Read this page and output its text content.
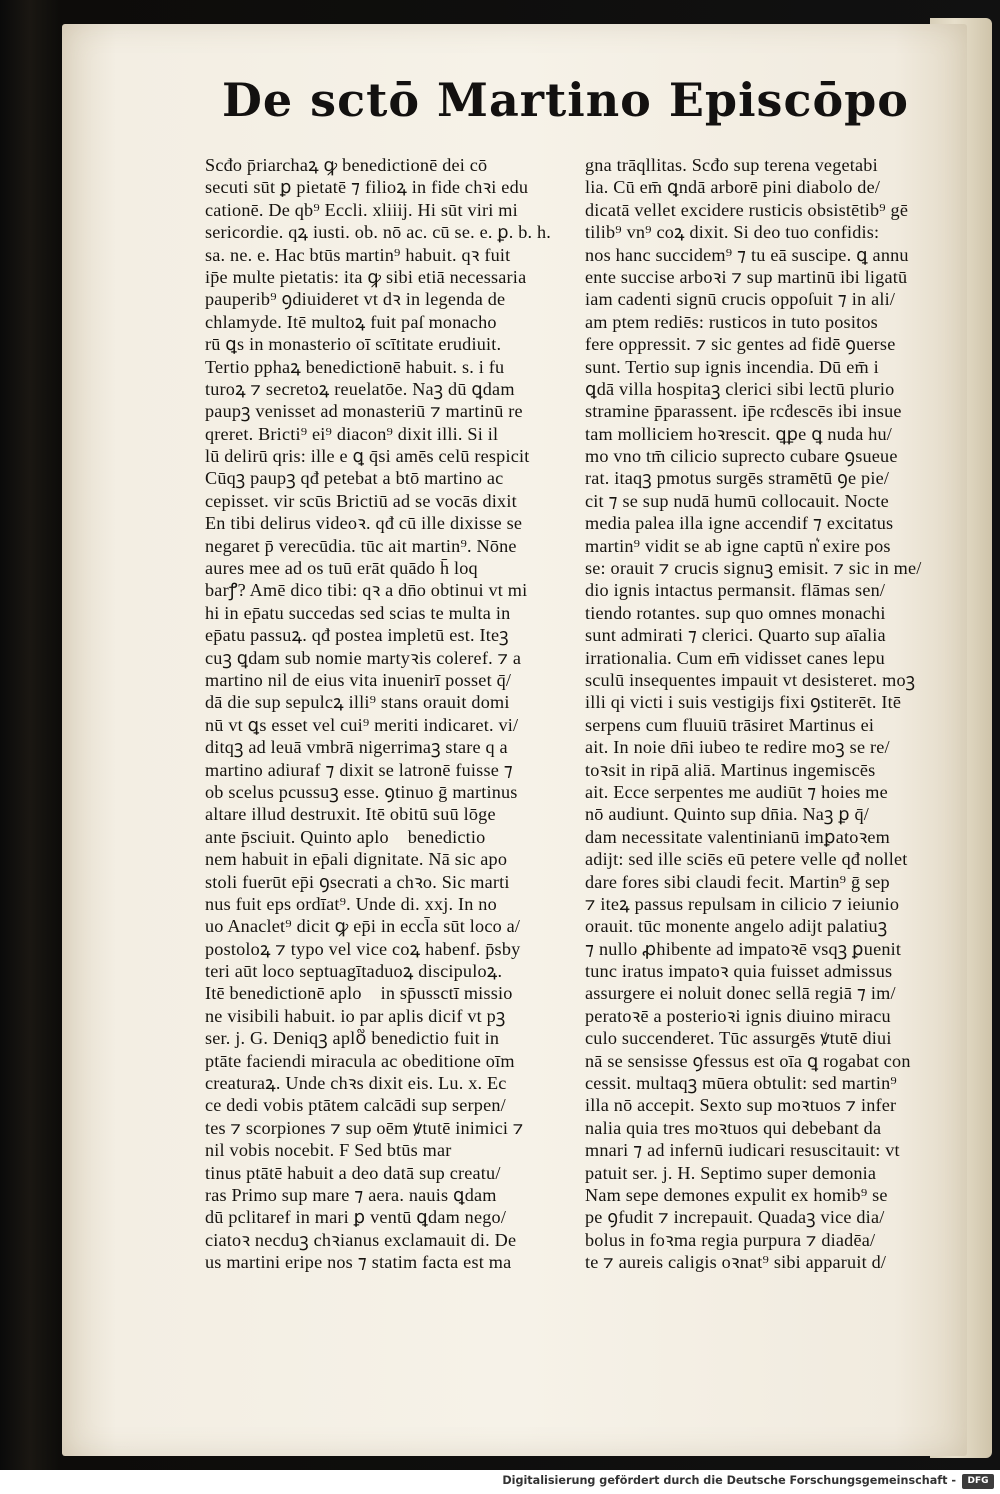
De sctō Martino Episcōpo
Scđo p̄riarchaꝝ ꝙ benedictionē dei cō
secuti sūt ꝑ pietatē ⁊ filioꝝ in fide chꝛi edu
cationē. De qb⁹ Eccli. xliiij. Hi sūt viri mi
sericordie. qꝝ iusti. ob. nō ac. cū se. e. ꝑ. b. h.
sa. ne. e. Hac btūs martin⁹ habuit. qꝛ fuit
ip̄e multe pietatis: ita ꝙ sibi etiā necessaria
pauperib⁹ ꝯdiuideret vt dꝛ in legenda de
chlamyde. Itē multoꝝ fuit paſ monacho
rū ꝗs in monasterio oī scītitate erudiuit.
Tertio pphaꝝ benedictionē habuit. s. i fu
turoꝝ ⁊ secretoꝝ reuelatōe. Naꝫ dū ꝗdam
paupꝫ venisset ad monasteriū ⁊ martinū re
qreret. Bricti⁹ ei⁹ diacon⁹ dixit illi. Si il
lū delirū qris: ille e ꝗ q̄si amēs celū respicit
Cūqꝫ paupꝫ qđ petebat a btō martino ac
cepisset. vir scūs Brictiū ad se vocās dixit
En tibi delirus videoꝛ. qđ cū ille dixisse se
negaret p̄ verecūdia. tūc ait martin⁹. Nōne
aures mee ad os tuū erāt quādo h̄ loq
barꝭ? Amē dico tibi: qꝛ a dn̄o obtinui vt mi
hi in ep̄atu succedas sed scias te multa in
ep̄atu passuꝝ. qđ postea impletū est. Iteꝫ
cuꝫ ꝗdam sub nomie martyꝛis coleref. ⁊ a
martino nil de eius vita inuenirī posset q̄/
dā die sup sepulcꝝ illi⁹ stans orauit domi
nū vt ꝗs esset vel cui⁹ meriti indicaret. vi/
ditqꝫ ad leuā vmbrā nigerrimaꝫ stare q a
martino adiuraf ⁊ dixit se latronē fuisse ⁊
ob scelus pcussuꝫ esse. ꝯtinuo ḡ martinus
altare illud destruxit. Itē obitū suū lōge
ante p̄sciuit. Quinto aplo᷑ benedictio
nem habuit in ep̄ali dignitate. Nā sic apo
stoli fuerūt ep̄i ꝯsecrati a chꝛo. Sic marti
nus fuit eps ordīat⁹. Unde di. xxj. In no
uo Anaclet⁹ dicit ꝙ ep̄i in eccl̄a sūt loco a/
postoloꝝ ⁊ typo vel vice coꝝ habenf. p̄sby
teri aūt loco septuagītaduoꝝ discipuloꝝ.
Itē benedictionē aplo᷑ in sp̄ussctī missio
ne visibili habuit. io par aplis dicif vt pꝫ
ser. j. G. Deniqꝫ aplo᷑ benedictio fuit in
ptāte faciendi miracula ac obeditione oīm
creaturaꝝ. Unde chꝛs dixit eis. Lu. x. Ec
ce dedi vobis ptātem calcādi sup serpen/
tes ⁊ scorpiones ⁊ sup oēm ꝟtutē inimici ⁊
nil vobis nocebit. F Sed btūs mar
tinus ptātē habuit a deo datā sup creatu/
ras Primo sup mare ⁊ aera. nauis ꝗdam
dū pclitaref in mari ꝑ ventū ꝗdam nego/
ciatoꝛ necduꝫ chꝛianus exclamauit di. De
us martini eripe nos ⁊ statim facta est ma
gna trāqllitas. Scđo sup terena vegetabi
lia. Cū em̄ ꝗndā arborē pini diabolo de/
dicatā vellet excidere rusticis obsistētib⁹ gē
tilib⁹ vn⁹ coꝝ dixit. Si deo tuo confidis:
nos hanc succidem⁹ ⁊ tu eā suscipe. ꝗ annu
ente succise arboꝛi ⁊ sup martinū ibi ligatū
iam cadenti signū crucis oppoſuit ⁊ in ali/
am ptem rediēs: rusticos in tuto positos
fere oppressit. ⁊ sic gentes ad fidē ꝯuerse
sunt. Tertio sup ignis incendia. Dū em̄ i
ꝗdā villa hospitaꝫ clerici sibi lectū plurio
stramine p̄parassent. ip̄e rcḋescēs ibi insue
tam molliciem hoꝛrescit. ꝗꝑe ꝗ nuda hu/
mo vno tm̄ cilicio suprecto cubare ꝯsueue
rat. itaqꝫ pmotus surgēs stramētū ꝯe pie/
cit ⁊ se sup nudā humū collocauit. Nocte
media palea illa igne accendif ⁊ excitatus
martin⁹ vidit se ab igne captū n͛ exire pos
se: orauit ⁊ crucis signuꝫ emisit. ⁊ sic in me/
dio ignis intactus permansit. flāmas sen/
tiendo rotantes. sup quo omnes monachi
sunt admirati ⁊ clerici. Quarto sup aīalia
irrationalia. Cum em̄ vidisset canes lepu
sculū insequentes impauit vt desisteret. moꝫ
illi qi victi i suis vestigijs fixi ꝯstiterēt. Itē
serpens cum fluuiū trāsiret Martinus ei
ait. In noie dn̄i iubeo te redire moꝫ se re/
toꝛsit in ripā aliā. Martinus ingemiscēs
ait. Ecce serpentes me audiūt ⁊ hoies me
nō audiunt. Quinto sup dn̄ia. Naꝫ ꝑ q̄/
dam necessitate valentinianū imꝑatoꝛem
adijt: sed ille sciēs eū petere velle qđ nollet
dare fores sibi claudi fecit. Martin⁹ ḡ sep
⁊ iteꝝ passus repulsam in cilicio ⁊ ieiunio
orauit. tūc monente angelo adijt palatiuꝫ
⁊ nullo ꝓhibente ad impatoꝛē vsqꝫ ꝑuenit
tunc iratus impatoꝛ quia fuisset admissus
assurgere ei noluit donec sellā regiā ⁊ im/
peratoꝛē a posterioꝛi ignis diuino miracu
culo succenderet. Tūc assurgēs ꝟtutē diui
nā se sensisse ꝯfessus est oīa ꝗ rogabat con
cessit. multaqꝫ mūera obtulit: sed martin⁹
illa nō accepit. Sexto sup moꝛtuos ⁊ infer
nalia quia tres moꝛtuos qui debebant da
mnari ⁊ ad infernū iudicari resuscitauit: vt
patuit ser. j. H. Septimo super demonia
Nam sepe demones expulit ex homib⁹ se
pe ꝯfudit ⁊ increpauit. Quadaꝫ vice dia/
bolus in foꝛma regia purpura ⁊ diadēa/
te ⁊ aureis caligis oꝛnat⁹ sibi apparuit d/
Digitalisierung gefördert durch die Deutsche Forschungsgemeinschaft -	DFG
